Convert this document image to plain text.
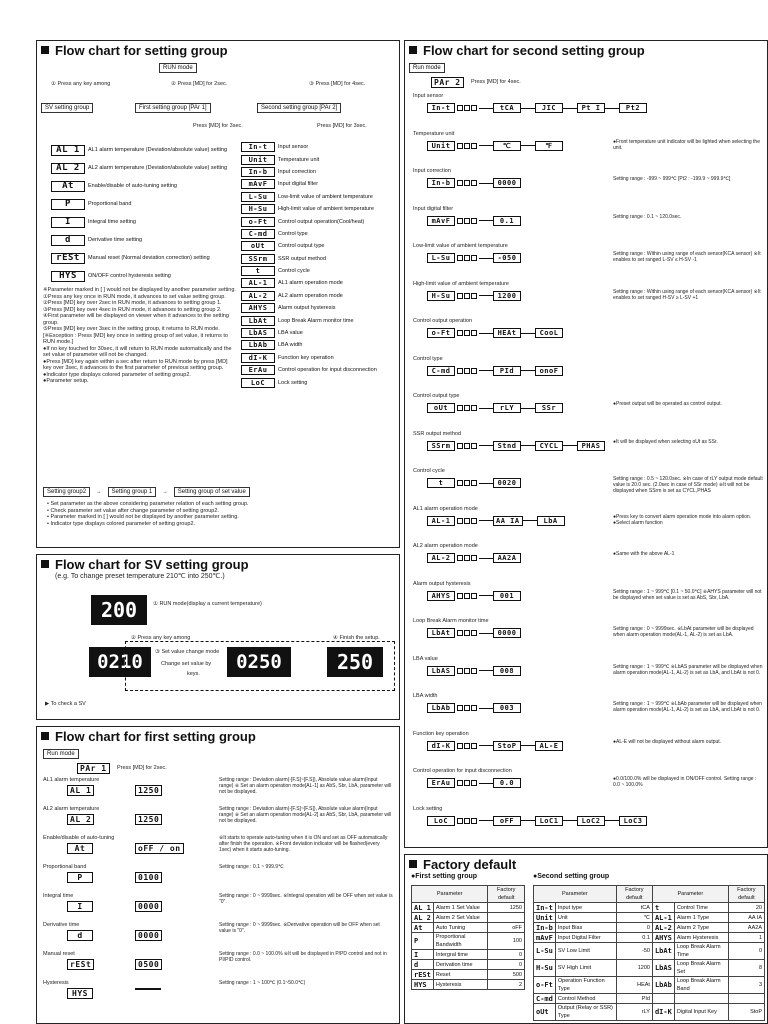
Flow chart for setting group
RUN mode
① Press any key among	② Press [MD] for 2sec.	③ Press [MD] for 4sec.
SV setting group	First setting group [PAr 1]	Second setting group [PAr 2]
Press [MD] for 3sec.	Press [MD] for 3sec.
AL 1	AL1 alarm temperature (Deviation/absolute value) setting
AL 2	AL2 alarm temperature (Deviation/absolute value) setting
At	Enable/disable of auto-tuning setting
P	Proportional band
I	Integral time setting
d	Derivative time setting
rESt	Manual reset (Normal deviation correction) setting
HYS	ON/OFF control hysteresis setting
In-t	Input sensor
Unit	Temperature unit
In-b	Input correction
mAvF	Input digital filter
L-Su	Low-limit value of ambient temperature
H-Su	High-limit value of ambient temperature
o-Ft	Control output operation(Cool/heat)
C-md	Control type
oUt	Control output type
SSrm	SSR output method
t	Control cycle
AL-1	AL1 alarm operation mode
AL-2	AL2 alarm operation mode
AHYS	Alarm output hysteresis
LbAt	Loop Break Alarm monitor time
LbAS	LBA value
LbAb	LBA width
dI-K	Function key operation
ErAu	Control operation for input disconnection
LoC	Lock setting
※Parameter marked in [ ] would not be displayed by another parameter setting.
①Press any key once in RUN mode, it advances to set value setting group.
②Press [MD] key over 2sec in RUN mode, it advances to setting group 1.
③Press [MD] key over 4sec in RUN mode, it advances to setting group 2.
④First parameter will be displayed on viewer when it advances to the setting group.
⑤Press [MD] key over 3sec in the setting group, it returns to RUN mode.
[※Exception : Press [MD] key once in setting group of set value, it returns to RUN mode.]
●If no key touched for 30sec, it will return to RUN mode automatically and the set value of parameter will not be changed.
●Press [MD] key again within a sec after return to RUN mode by press [MD] key over 3sec, it advances to the first parameter of previous setting group.
●Indicator type displays colored parameter of setting group2.
●Parameter setup.
Setting group2	→	Setting group 1	→	Setting group of set value
• Set parameter as the above considering parameter relation of each setting group.
• Check parameter set value after change parameter of setting group2.
• Parameter marked in [ ] would not be displayed by another parameter setting.
• Indicator type displays colored parameter of setting group2.
Flow chart for SV setting group
(e.g. To change preset temperature 210℃ into 250℃.)
200	① RUN mode(display a current temperature)
② Press any key among
0210	③ Set value change mode
Change set value by
keys.
0250
④ Finish the setup.
250
▶ To check a SV
Flow chart for first setting group
Run mode
PAr 1	Press [MD] for 2sec.
AL1 alarm temperature
AL 1	1250
Setting range : Deviation alarm(-[F.S]~[F.S]), Absolute value alarm(Input range) ※ Set an alarm operation mode[AL-1] as AbS, Sbr, LbA, parameter will not be displayed.
AL2 alarm temperature
AL 2	1250
Setting range : Deviation alarm(-[F.S]~[F.S]), Absolute value alarm(Input range) ※ Set an alarm operation mode[AL-2] as AbS, Sbr, LbA, parameter will not be displayed.
Enable/disable of auto-tuning
At	oFF / on
※It starts to operate auto-tuning when it is ON and set as OFF automatically after finish the operation. ※Front deviation indicator will be flashed(every 1sec) when it starts auto-tuning.
Proportional band
P	0100
Setting range : 0.1 ~ 999.9℃
Integral time
I	0000
Setting range : 0 ~ 9999sec. ※Integral operation will be OFF when set value is "0".
Derivative time
d	0000
Setting range : 0 ~ 9999sec. ※Derivative operation will be OFF when set value is "0".
Manual reset
rESt	0500
Setting range : 0.0 ~ 100.0% ※It will be displayed in P/PD control and not in PI/PID control.
Hysteresis
HYS
Setting range : 1 ~ 100℃ (0.1~50.0℃)
Flow chart for second setting group
Run mode
PAr 2	Press [MD] for 4sec.
Input sensor
In-t	tCA	JIC	Pt I	Pt2
Temperature unit
Unit	℃	℉	●Front temperature unit indicator will be lighted when selecting the unit.
Input correction
In-b	0000	Setting range : -999 ~ 999℃ [Pt2 : -199.9 ~ 999.9℃]
Input digital filter
mAvF	0.1	Setting range : 0.1 ~ 120.0sec.
Low-limit value of ambient temperature
L-Su	-050	Setting range : Within using range of each sensor(KCA sensor) ※It enables to set ranged L-SV ≤ H-SV -1
High-limit value of ambient temperature
H-Su	1200	Setting range : Within using range of each sensor(KCA sensor) ※It enables to set ranged H-SV ≥ L-SV +1
Control output operation
o-Ft	HEAt	CooL
Control type
C-md	PId	onoF
Control output type
oUt	rLY	SSr	●Preset output will be operated as control output.
SSR output method
SSrm	Stnd	CYCL	PHAS	●It will be displayed when selecting oUt as SSr.
Control cycle
t	0020	Setting range : 0.5 ~ 120.0sec. ※In case of rLY output mode default value is 20.0 sec. (2.0sec in case of SSr mode) ※It will not be displayed when SSrm is set as CYCL,PHAS
AL1 alarm operation mode
AL-1	AA IA	LbA	●Press key to convert alarm operation mode into alarm option. ●Select alarm function
AL2 alarm operation mode
AL-2	AA2A	●Same with the above AL-1
Alarm output hysteresis
AHYS	001	Setting range : 1 ~ 999℃ [0.1 ~ 50.0℃] ※AHYS parameter will not be displayed when set value is set as AbS, Sbr, LbA.
Loop Break Alarm monitor time
LbAt	0000	Setting range : 0 ~ 9999sec. ※LbAt parameter will be displayed when alarm operation mode(AL-1, AL-2) is set as LbA.
LBA value
LbAS	008	Setting range : 1 ~ 999℃ ※LbAS parameter will be displayed when alarm operation mode(AL-1, AL-2) is set as LbA, and LbAt is not 0.
LBA width
LbAb	003	Setting range : 1 ~ 999℃ ※LbAb parameter will be displayed when alarm operation mode(AL-1, AL-2) is set as LbA, and LbAt is not 0.
Function key operation
dI-K	StoP	AL-E	●AL-E will not be displayed without alarm output.
Control operation for input disconnection
ErAu	0.0	●0.0/100.0% will be displayed in ON/OFF control. Setting range : 0.0 ~ 100.0%
Lock setting
LoC	oFF	LoC1	LoC2	LoC3
Factory default
●First setting group	●Second setting group
Parameter		Factory default
AL 1	Alarm 1 Set Value	1250
AL 2	Alarm 2 Set Value	
At	Auto Tuning	oFF
P	Proportional Bandwidth	100
I	Intergral time	0
d	Derivation time	0
rESt	Reset	500
HYS	Hysteresis	2
Parameter		Factory default	Parameter		Factory default
In-t	Input type	tCA	t	Control Time	20
Unit	Unit	℃	AL-1	Alarm 1 Type	AA IA
In-b	Input Bias	0	AL-2	Alarm 2 Type	AA2A
mAvF	Input Digital Filter	0.1	AHYS	Alarm Hysteresis	1
L-Su	SV Low Limit	-50	LbAt	Loop Break Alarm Time	0
H-Su	SV High Limit	1200	LbAS	Loop Break Alarm Set	8
o-Ft	Operation Function Type	HEAt	LbAb	Loop Break Alarm Band	3
C-md	Control Method	PId			
oUt	Output (Relay or SSR) Type	rLY	dI-K	Digital Input Key	StoP
